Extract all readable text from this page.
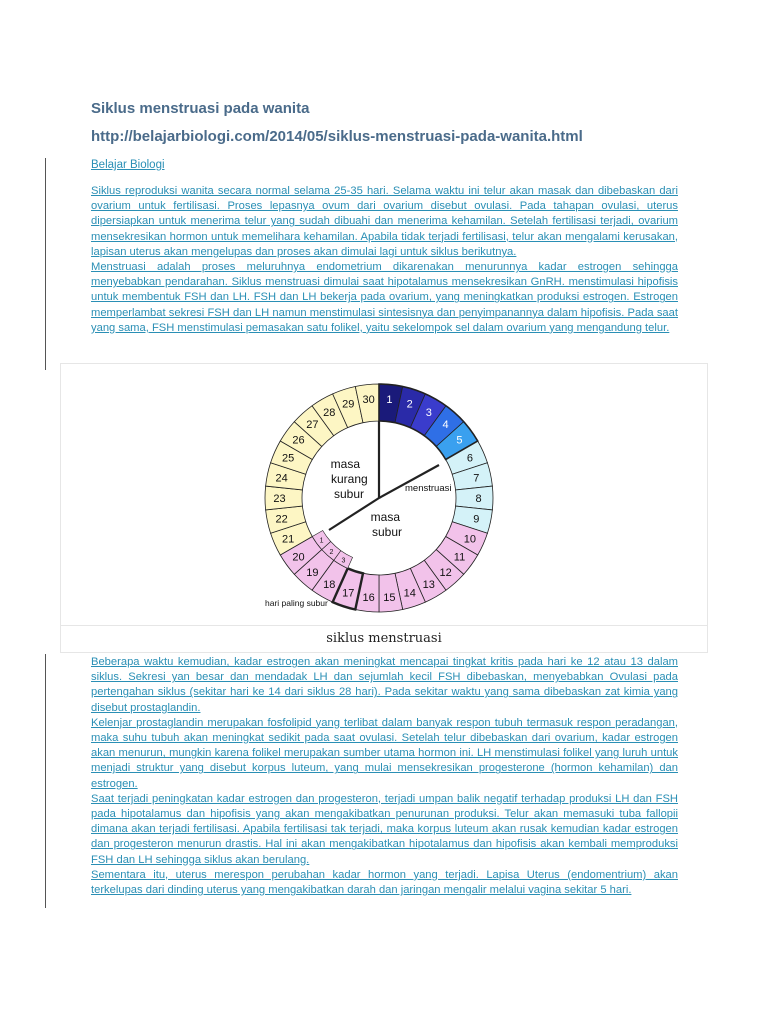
Siklus menstruasi pada wanita
http://belajarbiologi.com/2014/05/siklus-menstruasi-pada-wanita.html
Belajar Biologi

Siklus reproduksi wanita secara normal selama 25-35 hari. Selama waktu ini telur akan masak dan dibebaskan dari ovarium untuk fertilisasi. Proses lepasnya ovum dari ovarium disebut ovulasi. Pada tahapan ovulasi, uterus dipersiapkan untuk menerima telur yang sudah dibuahi dan menerima kehamilan. Setelah fertilisasi terjadi, ovarium mensekresikan hormon untuk memelihara kehamilan. Apabila tidak terjadi fertilisasi, telur akan mengalami kerusakan, lapisan uterus akan mengelupas dan proses akan dimulai lagi untuk siklus berikutnya.

Menstruasi adalah proses meluruhnya endometrium dikarenakan menurunnya kadar estrogen sehingga menyebabkan pendarahan. Siklus menstruasi dimulai saat hipotalamus mensekresikan GnRH. menstimulasi hipofisis untuk membentuk FSH dan LH. FSH dan LH bekerja pada ovarium, yang meningkatkan produksi estrogen. Estrogen memperlambat sekresi FSH dan LH namun menstimulasi sintesisnya dan penyimpanannya dalam hipofisis. Pada saat yang sama, FSH menstimulasi pemasakan satu folikel, yaitu sekelompok sel dalam ovarium yang mengandung telur.

3
2
1
1 2
3
4
5
6
7
8
9
10
11
12
13
14
15
16
17
18
19
20
21
22
23
24
25
26
27
28
29 30
menstruasi
masa kurang subur
masa subur
hari paling subur
siklus menstruasi

Beberapa waktu kemudian, kadar estrogen akan meningkat mencapai tingkat kritis pada hari ke 12 atau 13 dalam siklus. Sekresi yan besar dan mendadak LH dan sejumlah kecil FSH dibebaskan, menyebabkan Ovulasi pada pertengahan siklus (sekitar hari ke 14 dari siklus 28 hari). Pada sekitar waktu yang sama dibebaskan zat kimia yang disebut prostaglandin.

Kelenjar prostaglandin merupakan fosfolipid yang terlibat dalam banyak respon tubuh termasuk respon peradangan, maka suhu tubuh akan meningkat sedikit pada saat ovulasi. Setelah telur dibebaskan dari ovarium, kadar estrogen akan menurun, mungkin karena folikel merupakan sumber utama hormon ini. LH menstimulasi folikel yang luruh untuk menjadi struktur yang disebut korpus luteum, yang mulai mensekresikan progesterone (hormon kehamilan) dan estrogen.

Saat terjadi peningkatan kadar estrogen dan progesteron, terjadi umpan balik negatif terhadap produksi LH dan FSH pada hipotalamus dan hipofisis yang akan mengakibatkan penurunan produksi. Telur akan memasuki tuba fallopii dimana akan terjadi fertilisasi. Apabila fertilisasi tak terjadi, maka korpus luteum akan rusak kemudian kadar estrogen dan progesteron menurun drastis. Hal ini akan mengakibatkan hipotalamus dan hipofisis akan kembali memproduksi FSH dan LH sehingga siklus akan berulang.

Sementara itu, uterus merespon perubahan kadar hormon yang terjadi. Lapisa Uterus (endomentrium) akan terkelupas dari dinding uterus yang mengakibatkan darah dan jaringan mengalir melalui vagina sekitar 5 hari.
